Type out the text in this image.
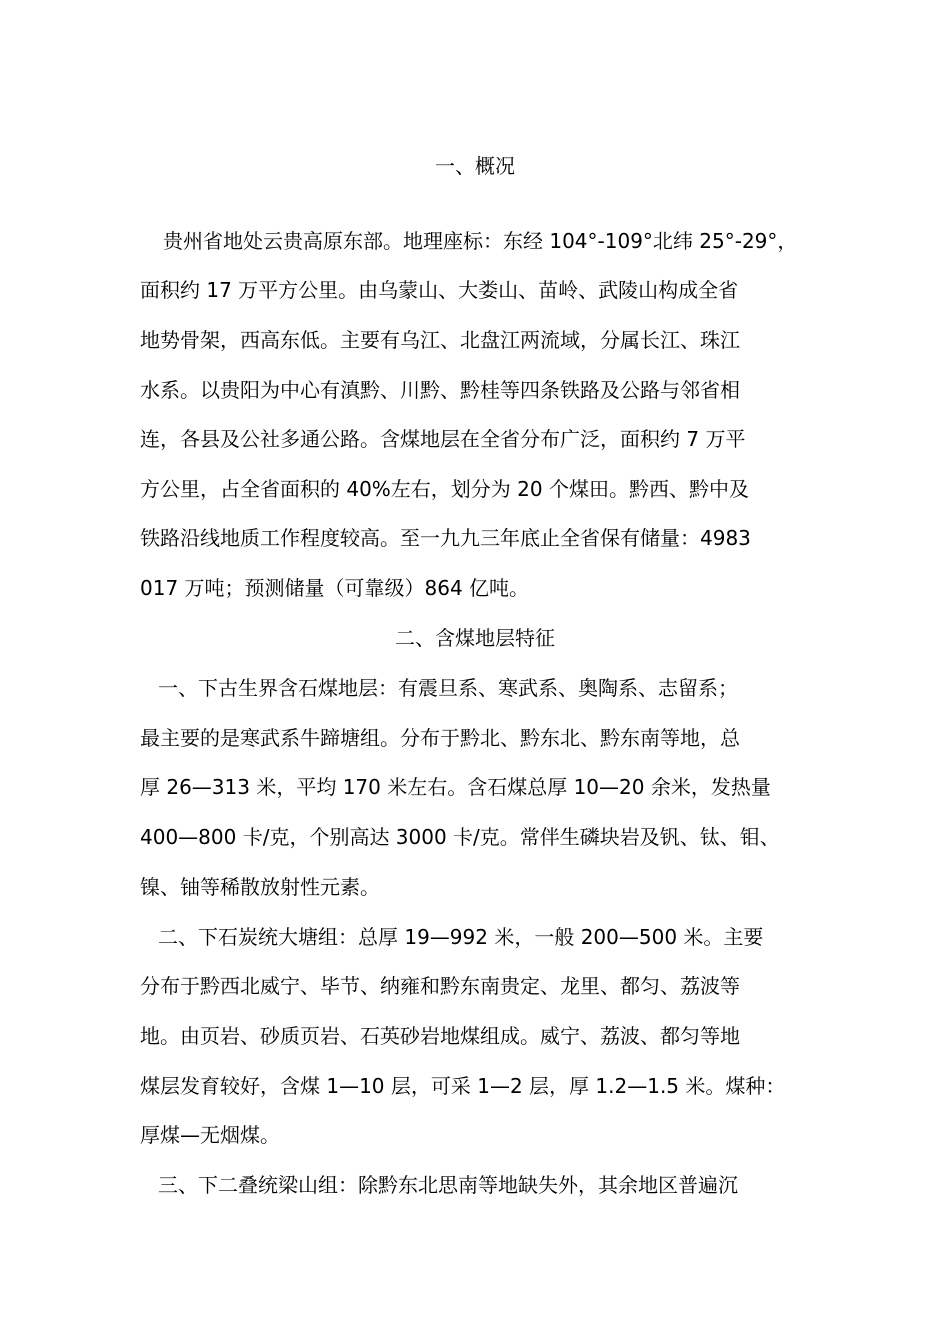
一、概况
贵州省地处云贵高原东部。地理座标：东经 104°-109°北纬 25°-29°，
面积约 17 万平方公里。由乌蒙山、大娄山、苗岭、武陵山构成全省
地势骨架，西高东低。主要有乌江、北盘江两流域，分属长江、珠江
水系。以贵阳为中心有滇黔、川黔、黔桂等四条铁路及公路与邻省相
连，各县及公社多通公路。含煤地层在全省分布广泛，面积约 7 万平
方公里，占全省面积的 40%左右，划分为 20 个煤田。黔西、黔中及
铁路沿线地质工作程度较高。至一九九三年底止全省保有储量：4983
017 万吨；预测储量（可靠级）864 亿吨。
二、含煤地层特征
一、下古生界含石煤地层：有震旦系、寒武系、奥陶系、志留系；
最主要的是寒武系牛蹄塘组。分布于黔北、黔东北、黔东南等地，总
厚 26—313 米，平均 170 米左右。含石煤总厚 10—20 余米，发热量
400—800 卡/克，个别高达 3000 卡/克。常伴生磷块岩及钒、钛、钼、
镍、铀等稀散放射性元素。
二、下石炭统大塘组：总厚 19—992 米，一般 200—500 米。主要
分布于黔西北威宁、毕节、纳雍和黔东南贵定、龙里、都匀、荔波等
地。由页岩、砂质页岩、石英砂岩地煤组成。威宁、荔波、都匀等地
煤层发育较好，含煤 1—10 层，可采 1—2 层，厚 1.2—1.5 米。煤种：
厚煤—无烟煤。
三、下二叠统梁山组：除黔东北思南等地缺失外，其余地区普遍沉
